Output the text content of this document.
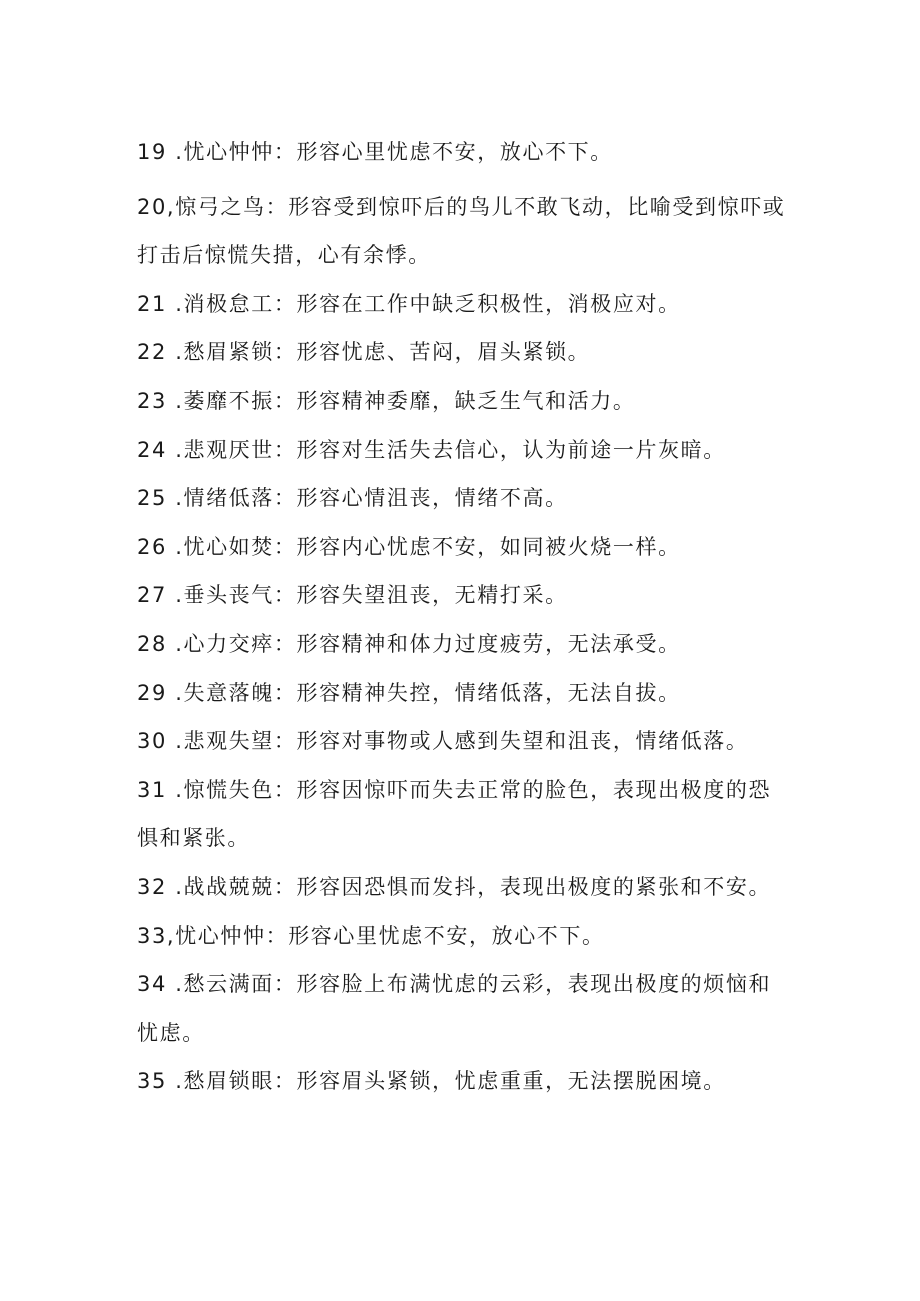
19 .忧心忡忡：形容心里忧虑不安，放心不下。

20,惊弓之鸟：形容受到惊吓后的鸟儿不敢飞动，比喻受到惊吓或打击后惊慌失措，心有余悸。

21 .消极怠工：形容在工作中缺乏积极性，消极应对。

22 .愁眉紧锁：形容忧虑、苦闷，眉头紧锁。

23 .萎靡不振：形容精神委靡，缺乏生气和活力。

24 .悲观厌世：形容对生活失去信心，认为前途一片灰暗。

25 .情绪低落：形容心情沮丧，情绪不高。

26 .忧心如焚：形容内心忧虑不安，如同被火烧一样。

27 .垂头丧气：形容失望沮丧，无精打采。

28 .心力交瘁：形容精神和体力过度疲劳，无法承受。

29 .失意落魄：形容精神失控，情绪低落，无法自拔。

30 .悲观失望：形容对事物或人感到失望和沮丧，情绪低落。

31 .惊慌失色：形容因惊吓而失去正常的脸色，表现出极度的恐惧和紧张。

32 .战战兢兢：形容因恐惧而发抖，表现出极度的紧张和不安。

33,忧心忡忡：形容心里忧虑不安，放心不下。

34 .愁云满面：形容脸上布满忧虑的云彩，表现出极度的烦恼和忧虑。

35 .愁眉锁眼：形容眉头紧锁，忧虑重重，无法摆脱困境。
